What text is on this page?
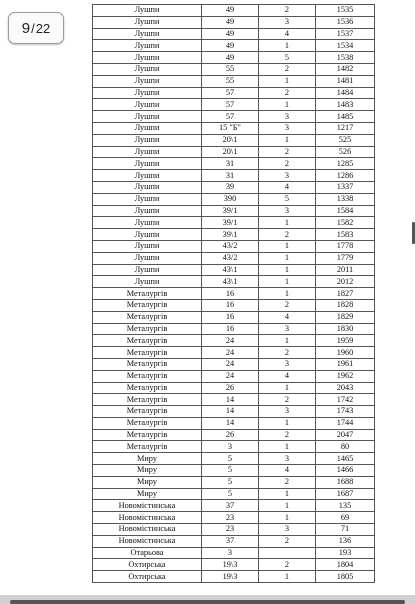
9 / 22
Лушпи	49	2	1535
Лушпи	49	3	1536
Лушпи	49	4	1537
Лушпи	49	1	1534
Лушпи	49	5	1538
Лушпи	55	2	1482
Лушпи	55	1	1481
Лушпи	57	2	1484
Лушпи	57	1	1483
Лушпи	57	3	1485
Лушпи	15 "Б"	3	1217
Лушпи	20\1	1	525
Лушпи	20\1	2	526
Лушпи	31	2	1285
Лушпи	31	3	1286
Лушпи	39	4	1337
Лушпи	390	5	1338
Лушпи	39/1	3	1584
Лушпи	39/1	1	1582
Лушпи	39\1	2	1583
Лушпи	43/2	1	1778
Лушпи	43/2	1	1779
Лушпи	43\1	1	2011
Лушпи	43\1	1	2012
Металургів	16	1	1827
Металургів	16	2	1828
Металургів	16	4	1829
Металургів	16	3	1830
Металургів	24	1	1959
Металургів	24	2	1960
Металургів	24	3	1961
Металургів	24	4	1962
Металургів	26	1	2043
Металургів	14	2	1742
Металургів	14	3	1743
Металургів	14	1	1744
Металургів	26	2	2047
Металургів	3	1	80
Миру	5	3	1465
Миру	5	4	1466
Миру	5	2	1688
Миру	5	1	1687
Новомістинська	37	1	135
Новомістинська	23	1	69
Новомістинська	23	3	71
Новомістинська	37	2	136
Отарьова	3		193
Охтирська	19\3	2	1804
Охтирська	19\3	1	1805
